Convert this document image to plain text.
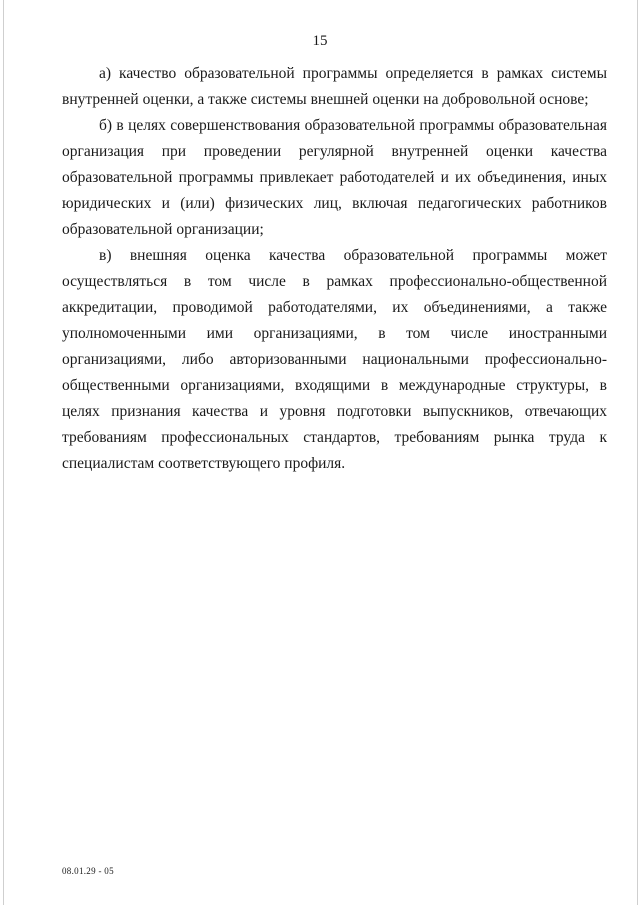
15

а) качество образовательной программы определяется в рамках системы внутренней оценки, а также системы внешней оценки на добровольной основе;

б) в целях совершенствования образовательной программы образовательная организация при проведении регулярной внутренней оценки качества образовательной программы привлекает работодателей и их объединения, иных юридических и (или) физических лиц, включая педагогических работников образовательной организации;

в) внешняя оценка качества образовательной программы может осуществляться в том числе в рамках профессионально-общественной аккредитации, проводимой работодателями, их объединениями, а также уполномоченными ими организациями, в том числе иностранными организациями, либо авторизованными национальными профессионально-общественными организациями, входящими в международные структуры, в целях признания качества и уровня подготовки выпускников, отвечающих требованиям профессиональных стандартов, требованиям рынка труда к специалистам соответствующего профиля.

08.01.29 - 05
